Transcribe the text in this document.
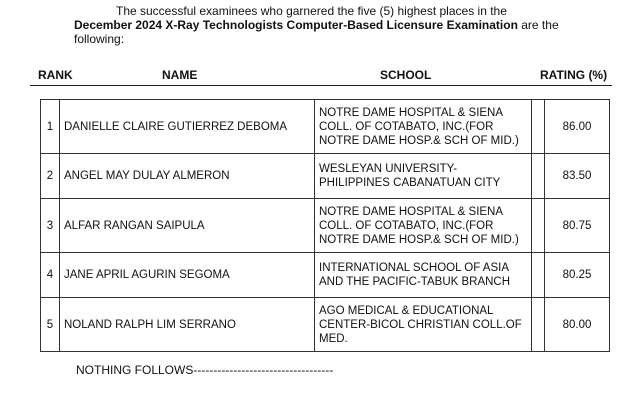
The successful examinees who garnered the five (5) highest places in the
December 2024 X-Ray Technologists Computer-Based Licensure Examination are the
following:
RANK	NAME	SCHOOL	RATING (%)
1	DANIELLE CLAIRE GUTIERREZ DEBOMA	NOTRE DAME HOSPITAL & SIENA
COLL. OF COTABATO, INC.(FOR
NOTRE DAME HOSP.& SCH OF MID.)		86.00
2	ANGEL MAY DULAY ALMERON	WESLEYAN UNIVERSITY-
PHILIPPINES CABANATUAN CITY		83.50
3	ALFAR RANGAN SAIPULA	NOTRE DAME HOSPITAL & SIENA
COLL. OF COTABATO, INC.(FOR
NOTRE DAME HOSP.& SCH OF MID.)		80.75
4	JANE APRIL AGURIN SEGOMA	INTERNATIONAL SCHOOL OF ASIA
AND THE PACIFIC-TABUK BRANCH		80.25
5	NOLAND RALPH LIM SERRANO	AGO MEDICAL & EDUCATIONAL
CENTER-BICOL CHRISTIAN COLL.OF
MED.		80.00
NOTHING FOLLOWS-----------------------------------
